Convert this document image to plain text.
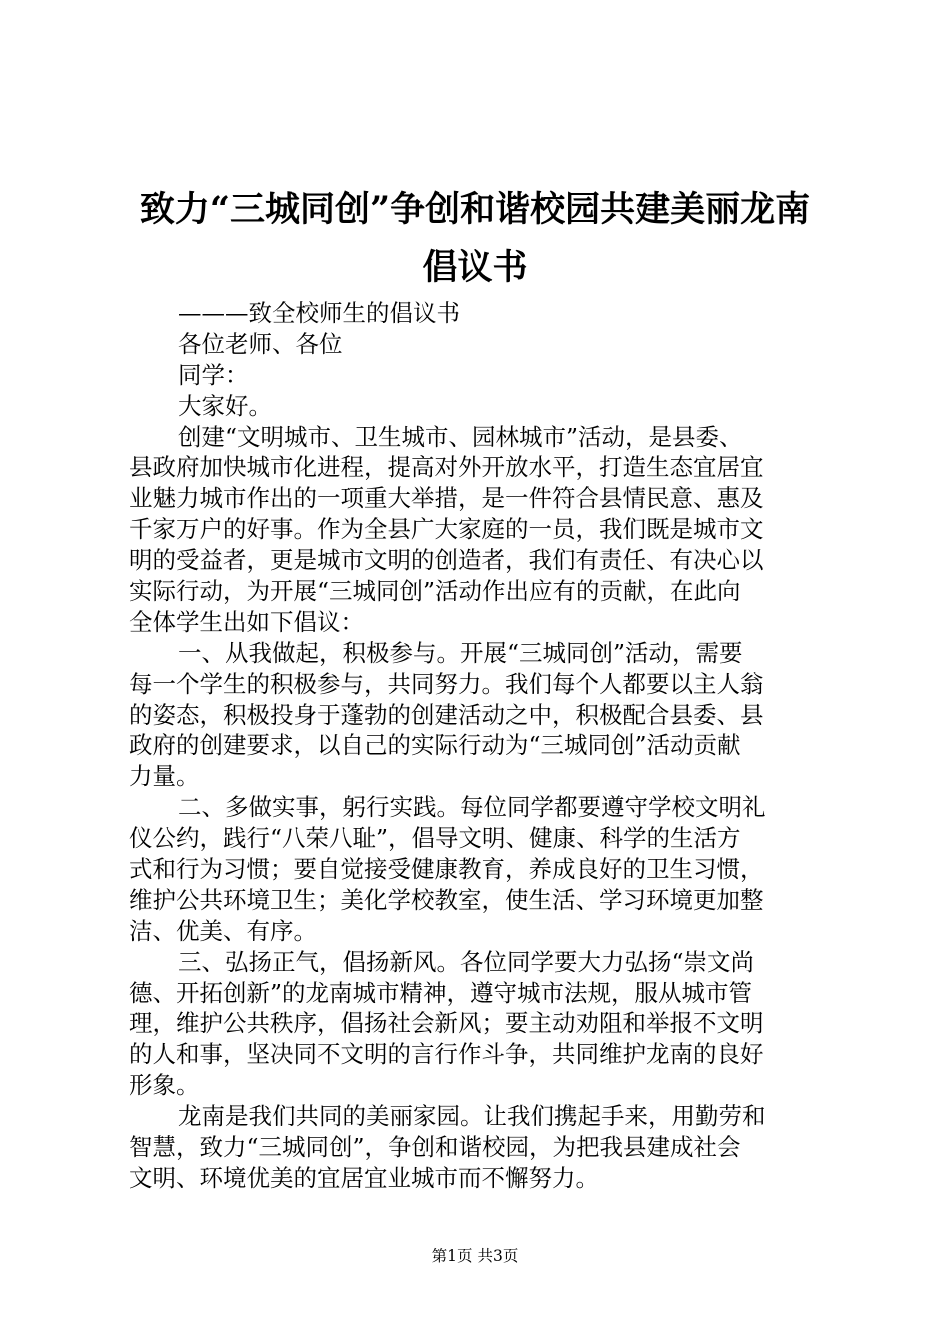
致力“三城同创”争创和谐校园共建美丽龙南
倡议书

———致全校师生的倡议书

各位老师、各位

同学：

大家好。

创建“文明城市、卫生城市、园林城市”活动，是县委、

县政府加快城市化进程，提高对外开放水平，打造生态宜居宜

业魅力城市作出的一项重大举措，是一件符合县情民意、惠及

千家万户的好事。作为全县广大家庭的一员，我们既是城市文

明的受益者，更是城市文明的创造者，我们有责任、有决心以

实际行动，为开展“三城同创”活动作出应有的贡献，在此向

全体学生出如下倡议：

一、从我做起，积极参与。开展“三城同创”活动，需要

每一个学生的积极参与，共同努力。我们每个人都要以主人翁

的姿态，积极投身于蓬勃的创建活动之中，积极配合县委、县

政府的创建要求，以自己的实际行动为“三城同创”活动贡献

力量。

二、多做实事，躬行实践。每位同学都要遵守学校文明礼

仪公约，践行“八荣八耻”，倡导文明、健康、科学的生活方

式和行为习惯；要自觉接受健康教育，养成良好的卫生习惯，

维护公共环境卫生；美化学校教室，使生活、学习环境更加整

洁、优美、有序。

三、弘扬正气，倡扬新风。各位同学要大力弘扬“崇文尚

德、开拓创新”的龙南城市精神，遵守城市法规，服从城市管

理，维护公共秩序，倡扬社会新风；要主动劝阻和举报不文明

的人和事，坚决同不文明的言行作斗争，共同维护龙南的良好

形象。

龙南是我们共同的美丽家园。让我们携起手来，用勤劳和

智慧，致力“三城同创”，争创和谐校园，为把我县建成社会

文明、环境优美的宜居宜业城市而不懈努力。

第1页 共3页
